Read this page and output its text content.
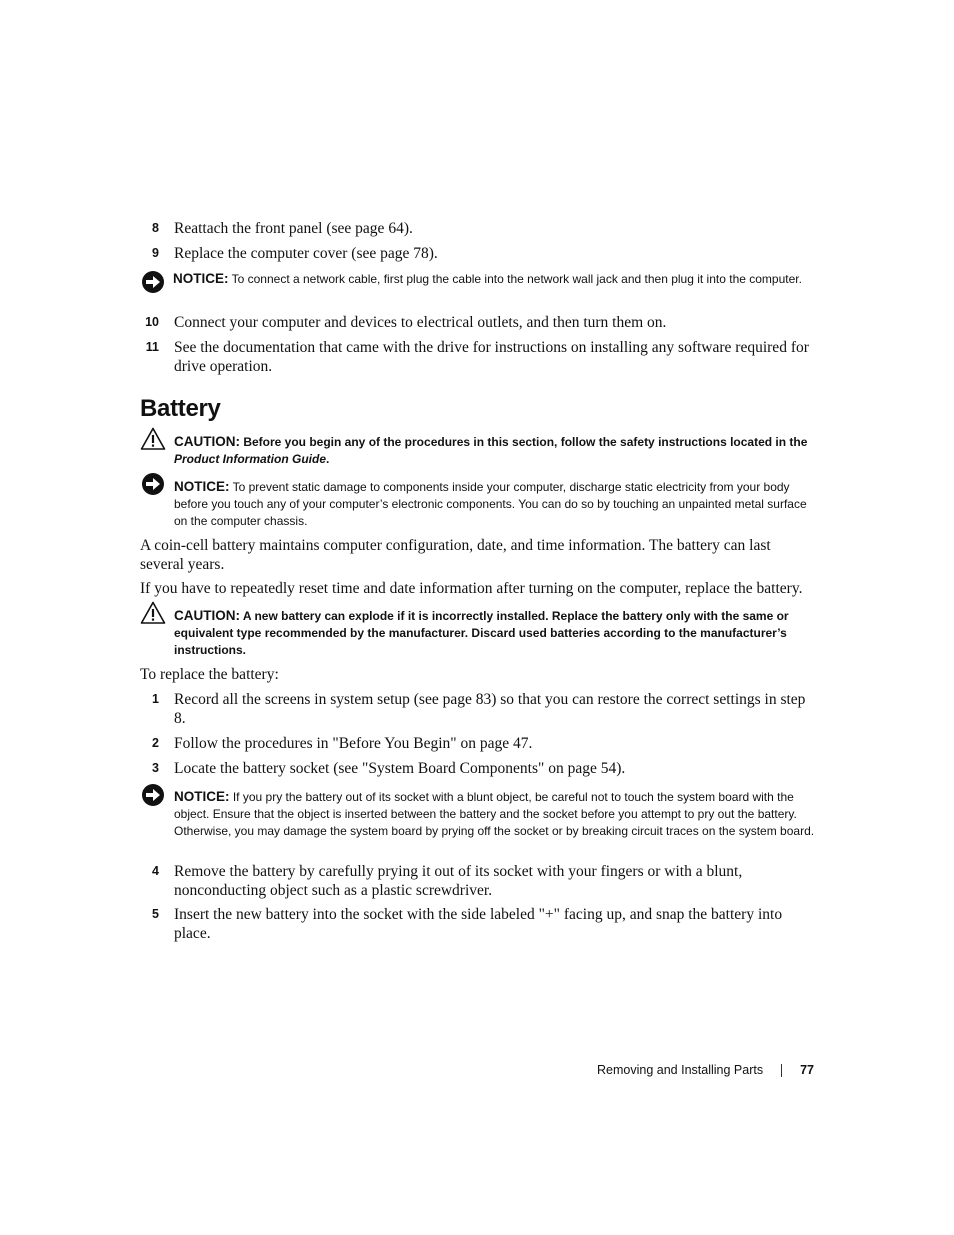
8 Reattach the front panel (see page 64).
9 Replace the computer cover (see page 78).
NOTICE: To connect a network cable, first plug the cable into the network wall jack and then plug it into the computer.
10 Connect your computer and devices to electrical outlets, and then turn them on.
11 See the documentation that came with the drive for instructions on installing any software required for drive operation.
Battery
CAUTION: Before you begin any of the procedures in this section, follow the safety instructions located in the Product Information Guide.
NOTICE: To prevent static damage to components inside your computer, discharge static electricity from your body before you touch any of your computer’s electronic components. You can do so by touching an unpainted metal surface on the computer chassis.
A coin-cell battery maintains computer configuration, date, and time information. The battery can last several years.
If you have to repeatedly reset time and date information after turning on the computer, replace the battery.
CAUTION: A new battery can explode if it is incorrectly installed. Replace the battery only with the same or equivalent type recommended by the manufacturer. Discard used batteries according to the manufacturer’s instructions.
To replace the battery:
1 Record all the screens in system setup (see page 83) so that you can restore the correct settings in step 8.
2 Follow the procedures in "Before You Begin" on page 47.
3 Locate the battery socket (see "System Board Components" on page 54).
NOTICE: If you pry the battery out of its socket with a blunt object, be careful not to touch the system board with the object. Ensure that the object is inserted between the battery and the socket before you attempt to pry out the battery. Otherwise, you may damage the system board by prying off the socket or by breaking circuit traces on the system board.
4 Remove the battery by carefully prying it out of its socket with your fingers or with a blunt, nonconducting object such as a plastic screwdriver.
5 Insert the new battery into the socket with the side labeled "+" facing up, and snap the battery into place.
Removing and Installing Parts	77
